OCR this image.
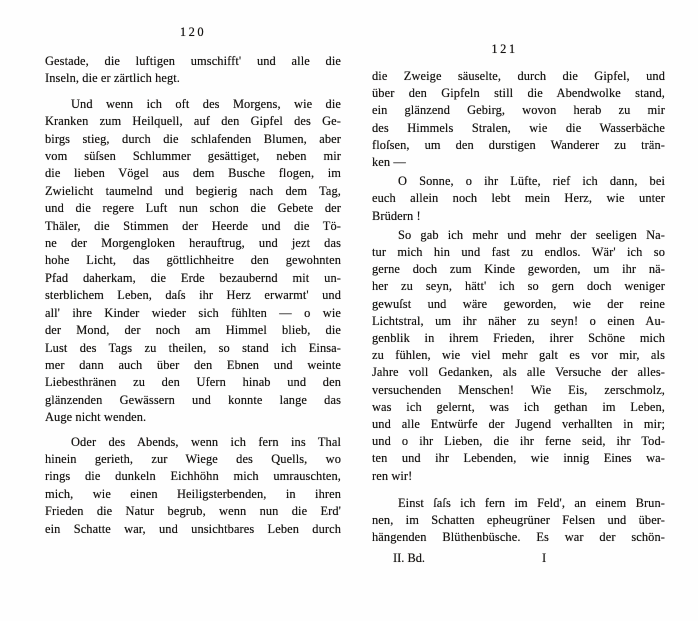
120
Gestade, die luftigen umschifft' und alle die
Inseln, die er zärtlich hegt.
Und wenn ich oft des Morgens, wie die
Kranken zum Heilquell, auf den Gipfel des Ge-
birgs stieg, durch die schlafenden Blumen, aber
vom süſsen Schlummer gesättiget, neben mir
die lieben Vögel aus dem Busche flogen, im
Zwielicht taumelnd und begierig nach dem Tag,
und die regere Luft nun schon die Gebete der
Thäler, die Stimmen der Heerde und die Tö-
ne der Morgengloken herauftrug, und jezt das
hohe Licht, das göttlichheitre den gewohnten
Pfad daherkam, die Erde bezaubernd mit un-
sterblichem Leben, daſs ihr Herz erwarmt' und
all' ihre Kinder wieder sich fühlten — o wie
der Mond, der noch am Himmel blieb, die
Lust des Tags zu theilen, so stand ich Einsa-
mer dann auch über den Ebnen und weinte
Liebesthränen zu den Ufern hinab und den
glänzenden Gewässern und konnte lange das
Auge nicht wenden.
Oder des Abends, wenn ich fern ins Thal
hinein gerieth, zur Wiege des Quells, wo
rings die dunkeln Eichhöhn mich umrauschten,
mich, wie einen Heiligsterbenden, in ihren
Frieden die Natur begrub, wenn nun die Erd'
ein Schatte war, und unsichtbares Leben durch
121
die Zweige säuselte, durch die Gipfel, und
über den Gipfeln still die Abendwolke stand,
ein glänzend Gebirg, wovon herab zu mir
des Himmels Stralen, wie die Wasserbäche
floſsen, um den durstigen Wanderer zu trän-
ken —
O Sonne, o ihr Lüfte, rief ich dann, bei
euch allein noch lebt mein Herz, wie unter
Brüdern !
So gab ich mehr und mehr der seeligen Na-
tur mich hin und fast zu endlos. Wär' ich so
gerne doch zum Kinde geworden, um ihr nä-
her zu seyn, hätt' ich so gern doch weniger
gewuſst und wäre geworden, wie der reine
Lichtstral, um ihr näher zu seyn! o einen Au-
genblik in ihrem Frieden, ihrer Schöne mich
zu fühlen, wie viel mehr galt es vor mir, als
Jahre voll Gedanken, als alle Versuche der alles-
versuchenden Menschen! Wie Eis, zerschmolz,
was ich gelernt, was ich gethan im Leben,
und alle Entwürfe der Jugend verhallten in mir;
und o ihr Lieben, die ihr ferne seid, ihr Tod-
ten und ihr Lebenden, wie innig Eines wa-
ren wir!
Einst ſaſs ich fern im Feld', an einem Brun-
nen, im Schatten epheugrüner Felsen und über-
hängenden Blüthenbüsche. Es war der schön-
II. Bd.	I
